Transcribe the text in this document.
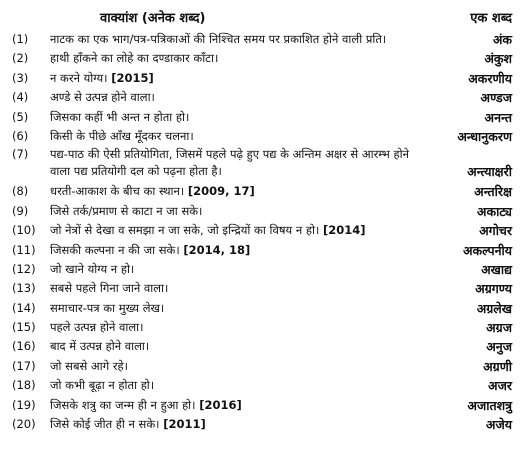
वाक्यांश (अनेक शब्द)	एक शब्द
(1)	नाटक का एक भाग/पत्र-पत्रिकाओं की निश्चित समय पर प्रकाशित होने वाली प्रति।	अंक
(2)	हाथी हाँकने का लोहे का दण्डाकार काँटा।	अंकुश
(3)	न करने योग्य। [2015]	अकरणीय
(4)	अण्डे से उत्पन्न होने वाला।	अण्डज
(5)	जिसका कहीं भी अन्त न होता हो।	अनन्त
(6)	किसी के पीछे आँख मूँदकर चलना।	अन्धानुकरण
(7)	पद्य-पाठ की ऐसी प्रतियोगिता, जिसमें पहले पढ़े हुए पद्य के अन्तिम अक्षर से आरम्भ होने वाला पद्य प्रतियोगी दल को पढ़ना होता है।	अन्त्याक्षरी
(8)	धरती-आकाश के बीच का स्थान। [2009, 17]	अन्तरिक्ष
(9)	जिसे तर्क/प्रमाण से काटा न जा सके।	अकाट्य
(10)	जो नेत्रों से देखा व समझा न जा सके, जो इन्द्रियों का विषय न हो। [2014]	अगोचर
(11)	जिसकी कल्पना न की जा सके। [2014, 18]	अकल्पनीय
(12)	जो खाने योग्य न हो।	अखाद्य
(13)	सबसे पहले गिना जाने वाला।	अग्रगण्य
(14)	समाचार-पत्र का मुख्य लेख।	अग्रलेख
(15)	पहले उत्पन्न होने वाला।	अग्रज
(16)	बाद में उत्पन्न होने वाला।	अनुज
(17)	जो सबसे आगे रहे।	अग्रणी
(18)	जो कभी बूढ़ा न होता हो।	अजर
(19)	जिसके शत्रु का जन्म ही न हुआ हो। [2016]	अजातशत्रु
(20)	जिसे कोई जीत ही न सके। [2011]	अजेय
